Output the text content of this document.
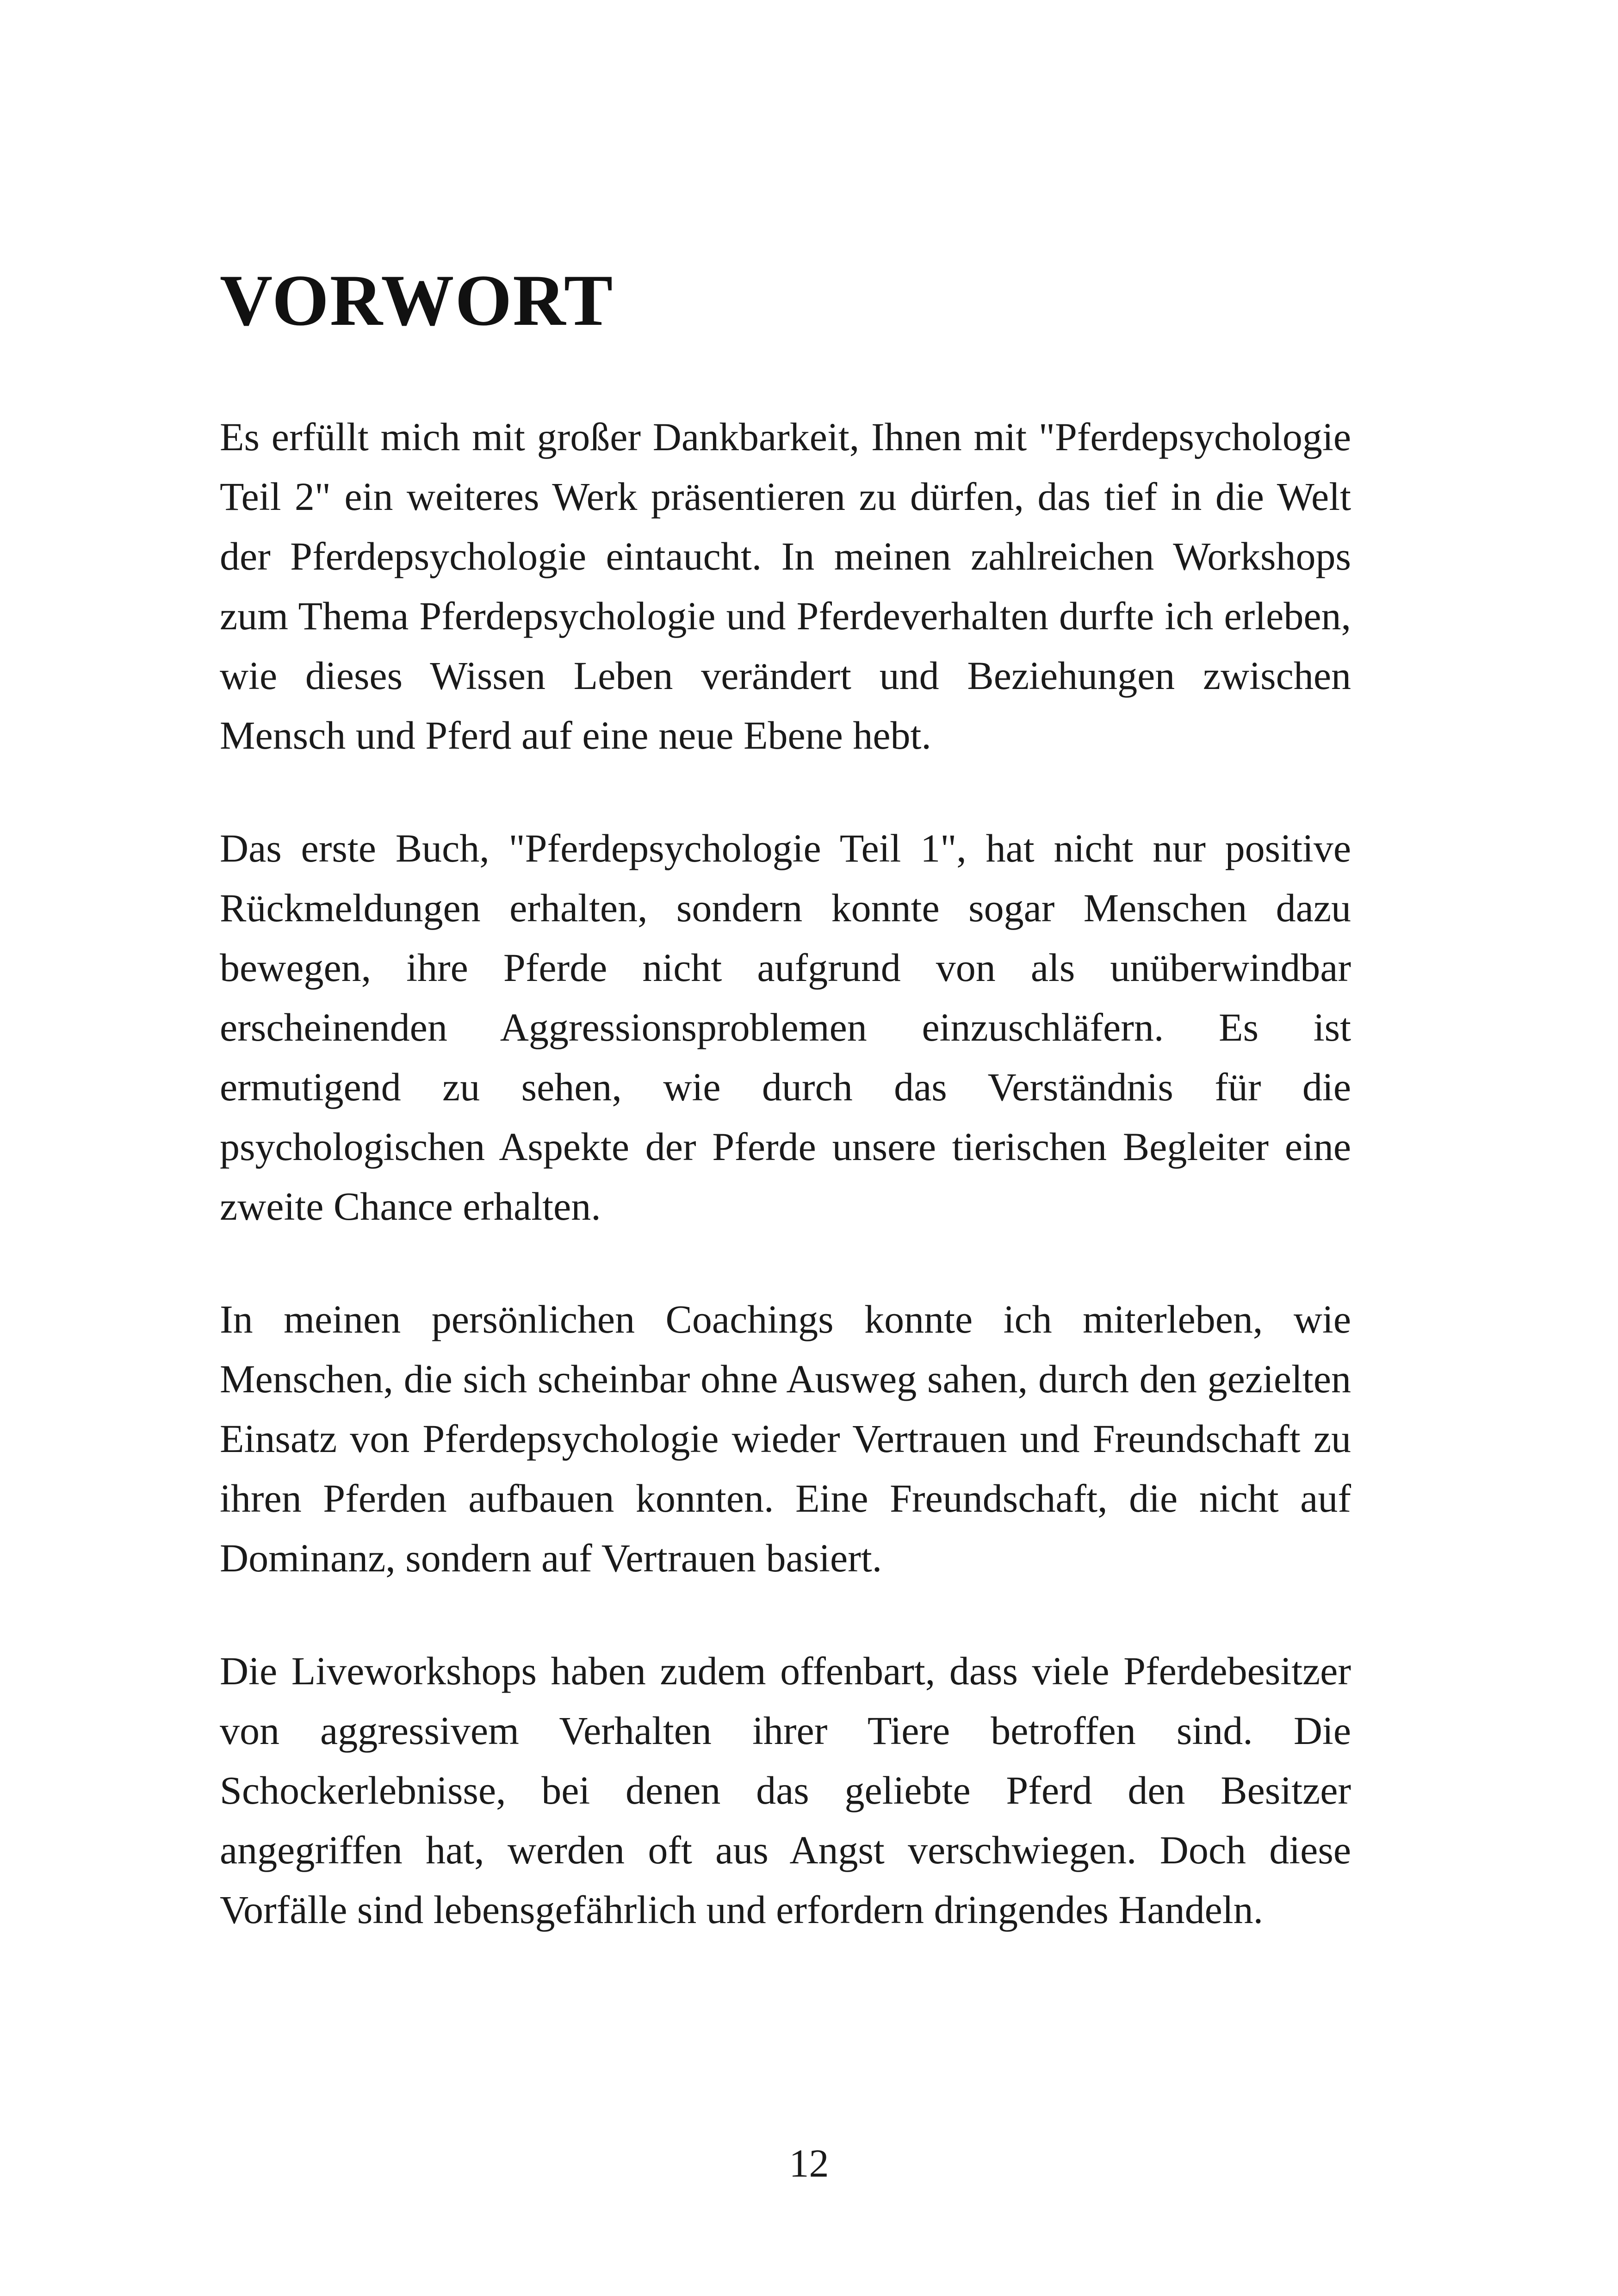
VORWORT

Es erfüllt mich mit großer Dankbarkeit, Ihnen mit "Pferdepsychologie Teil 2" ein weiteres Werk präsentieren zu dürfen, das tief in die Welt der Pferdepsychologie eintaucht. In meinen zahlreichen Workshops zum Thema Pferdepsychologie und Pferdeverhalten durfte ich erleben, wie dieses Wissen Leben verändert und Beziehungen zwischen Mensch und Pferd auf eine neue Ebene hebt.

Das erste Buch, "Pferdepsychologie Teil 1", hat nicht nur positive Rückmeldungen erhalten, sondern konnte sogar Menschen dazu bewegen, ihre Pferde nicht aufgrund von als unüberwindbar erscheinenden Aggressionsproblemen einzuschläfern. Es ist ermutigend zu sehen, wie durch das Verständnis für die psychologischen Aspekte der Pferde unsere tierischen Begleiter eine zweite Chance erhalten.

In meinen persönlichen Coachings konnte ich miterleben, wie Menschen, die sich scheinbar ohne Ausweg sahen, durch den gezielten Einsatz von Pferdepsychologie wieder Vertrauen und Freundschaft zu ihren Pferden aufbauen konnten. Eine Freundschaft, die nicht auf Dominanz, sondern auf Vertrauen basiert.

Die Liveworkshops haben zudem offenbart, dass viele Pferdebesitzer von aggressivem Verhalten ihrer Tiere betroffen sind. Die Schockerlebnisse, bei denen das geliebte Pferd den Besitzer angegriffen hat, werden oft aus Angst verschwiegen. Doch diese Vorfälle sind lebensgefährlich und erfordern dringendes Handeln.

12
